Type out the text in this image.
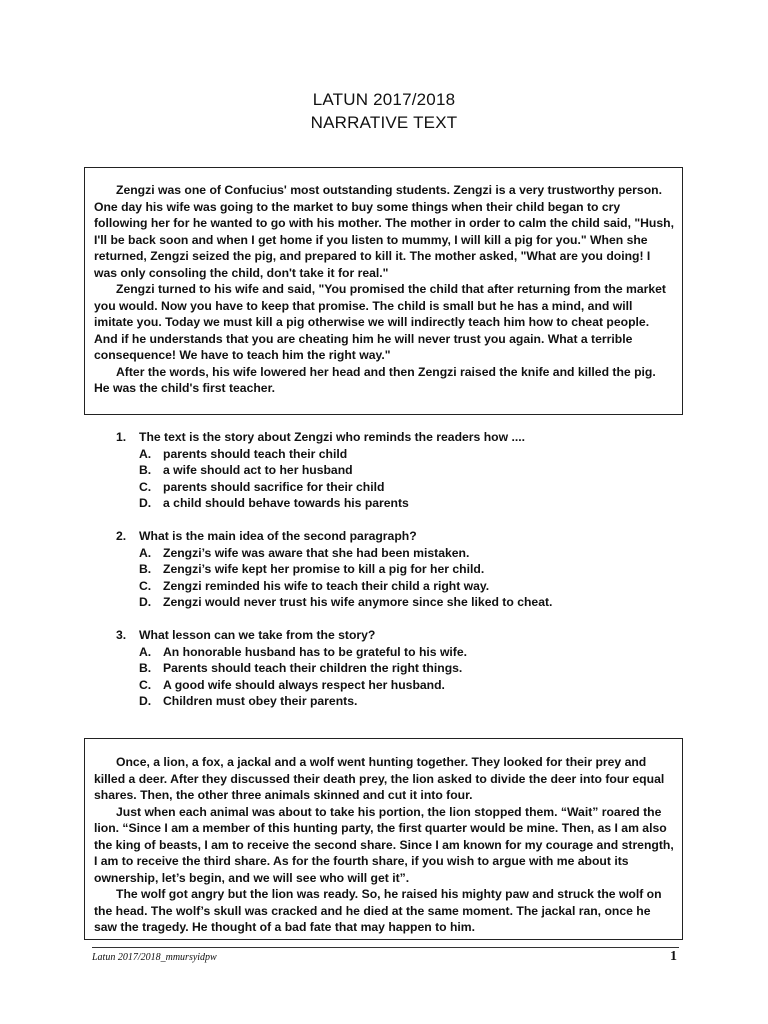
LATUN 2017/2018
NARRATIVE TEXT

Zengzi was one of Confucius' most outstanding students. Zengzi is a very trustworthy person. One day his wife was going to the market to buy some things when their child began to cry following her for he wanted to go with his mother. The mother in order to calm the child said, "Hush, I'll be back soon and when I get home if you listen to mummy, I will kill a pig for you." When she returned, Zengzi seized the pig, and prepared to kill it. The mother asked, "What are you doing! I was only consoling the child, don't take it for real."

Zengzi turned to his wife and said, "You promised the child that after returning from the market you would. Now you have to keep that promise. The child is small but he has a mind, and will imitate you. Today we must kill a pig otherwise we will indirectly teach him how to cheat people. And if he understands that you are cheating him he will never trust you again. What a terrible consequence! We have to teach him the right way."

After the words, his wife lowered her head and then Zengzi raised the knife and killed the pig. He was the child's first teacher.

1. The text is the story about Zengzi who reminds the readers how ....
A. parents should teach their child
B. a wife should act to her husband
C. parents should sacrifice for their child
D. a child should behave towards his parents
2. What is the main idea of the second paragraph?
A. Zengzi’s wife was aware that she had been mistaken.
B. Zengzi’s wife kept her promise to kill a pig for her child.
C. Zengzi reminded his wife to teach their child a right way.
D. Zengzi would never trust his wife anymore since she liked to cheat.
3. What lesson can we take from the story?
A. An honorable husband has to be grateful to his wife.
B. Parents should teach their children the right things.
C. A good wife should always respect her husband.
D. Children must obey their parents.

Once, a lion, a fox, a jackal and a wolf went hunting together. They looked for their prey and killed a deer. After they discussed their death prey, the lion asked to divide the deer into four equal shares. Then, the other three animals skinned and cut it into four.

Just when each animal was about to take his portion, the lion stopped them. “Wait” roared the lion. “Since I am a member of this hunting party, the first quarter would be mine. Then, as I am also the king of beasts, I am to receive the second share. Since I am known for my courage and strength, I am to receive the third share. As for the fourth share, if you wish to argue with me about its ownership, let’s begin, and we will see who will get it”.

The wolf got angry but the lion was ready. So, he raised his mighty paw and struck the wolf on the head. The wolf’s skull was cracked and he died at the same moment. The jackal ran, once he saw the tragedy. He thought of a bad fate that may happen to him.

Latun 2017/2018_mmursyidpw	1
